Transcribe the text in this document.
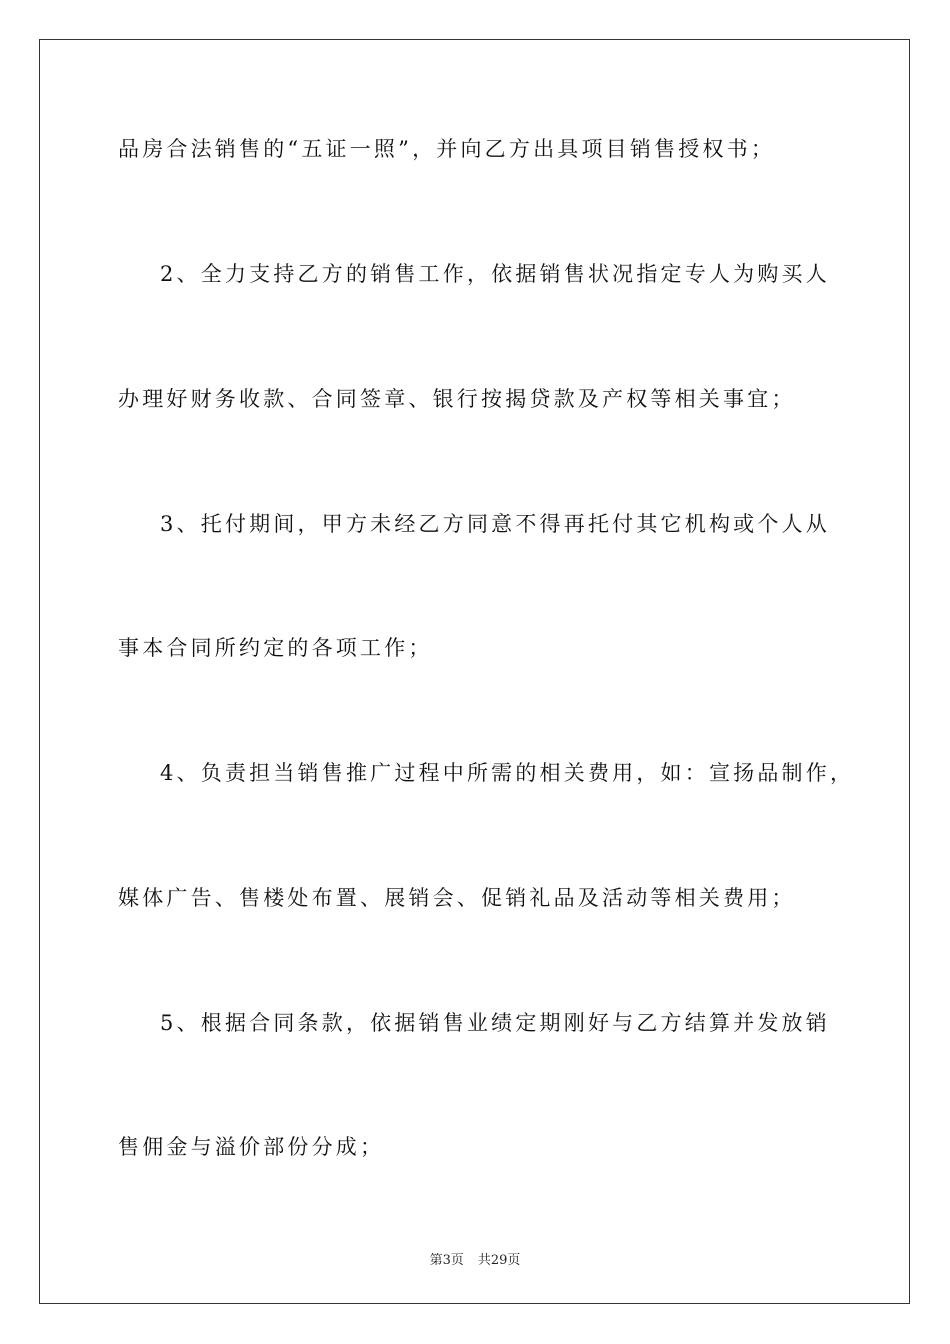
品房合法销售的“五证一照”，并向乙方出具项目销售授权书；
2、全力支持乙方的销售工作，依据销售状况指定专人为购买人
办理好财务收款、合同签章、银行按揭贷款及产权等相关事宜；
3、托付期间，甲方未经乙方同意不得再托付其它机构或个人从
事本合同所约定的各项工作；
4、负责担当销售推广过程中所需的相关费用，如：宣扬品制作，
媒体广告、售楼处布置、展销会、促销礼品及活动等相关费用；
5、根据合同条款，依据销售业绩定期刚好与乙方结算并发放销
售佣金与溢价部份分成；
第3页 共29页
